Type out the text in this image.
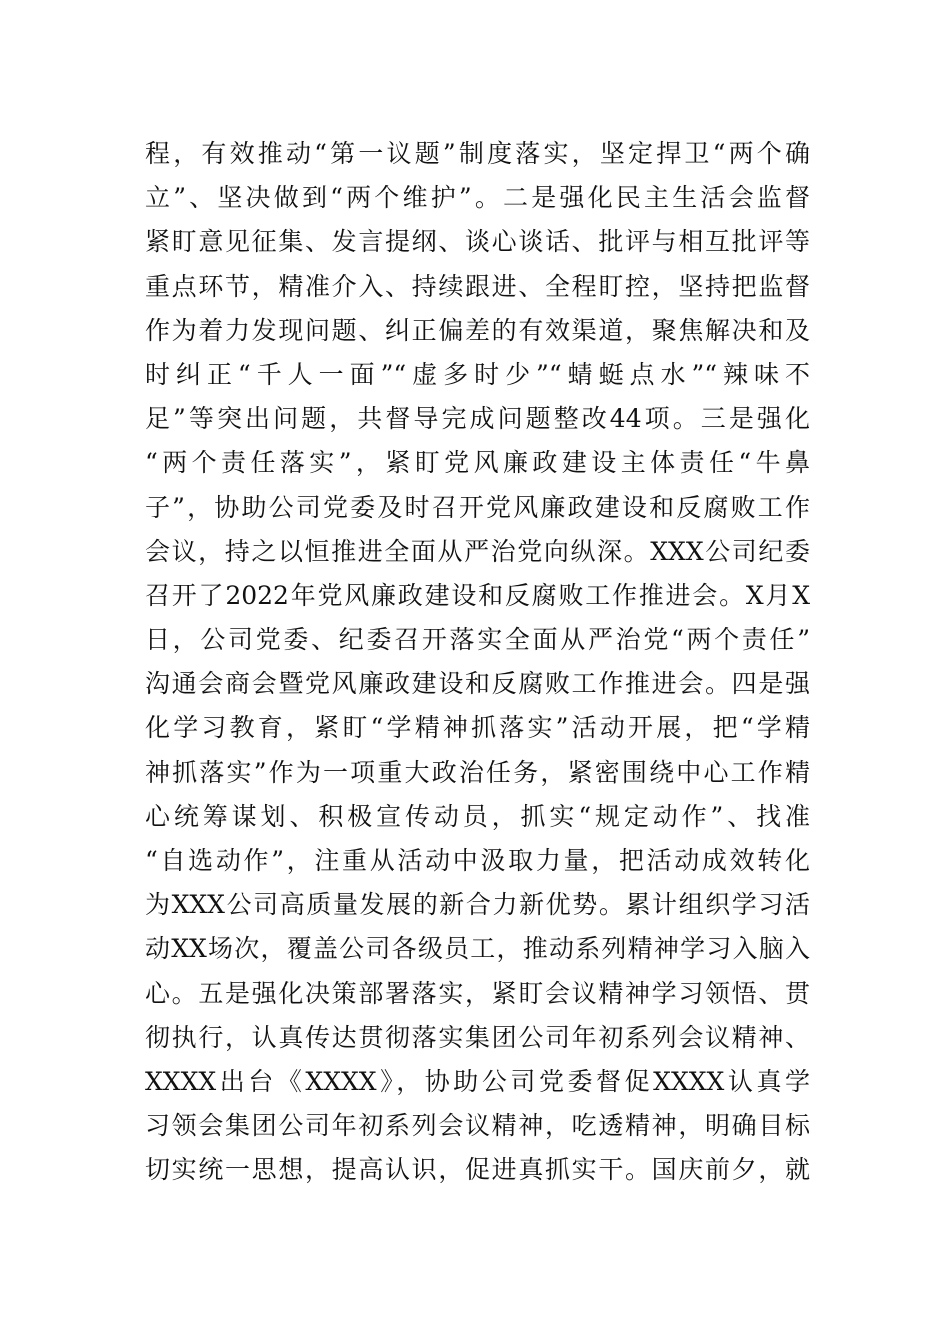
程，有效推动“第一议题”制度落实，坚定捍卫“两个确
立”、坚决做到“两个维护”。二是强化民主生活会监督
紧盯意见征集、发言提纲、谈心谈话、批评与相互批评等
重点环节，精准介入、持续跟进、全程盯控，坚持把监督
作为着力发现问题、纠正偏差的有效渠道，聚焦解决和及
时纠正“千人一面”“虚多时少”“蜻蜓点水”“辣味不
足”等突出问题，共督导完成问题整改44项。三是强化
“两个责任落实”，紧盯党风廉政建设主体责任“牛鼻
子”，协助公司党委及时召开党风廉政建设和反腐败工作
会议，持之以恒推进全面从严治党向纵深。XXX公司纪委
召开了2022年党风廉政建设和反腐败工作推进会。X月X
日，公司党委、纪委召开落实全面从严治党“两个责任”
沟通会商会暨党风廉政建设和反腐败工作推进会。四是强
化学习教育，紧盯“学精神抓落实”活动开展，把“学精
神抓落实”作为一项重大政治任务，紧密围绕中心工作精
心统筹谋划、积极宣传动员，抓实“规定动作”、找准
“自选动作”，注重从活动中汲取力量，把活动成效转化
为XXX公司高质量发展的新合力新优势。累计组织学习活
动XX场次，覆盖公司各级员工，推动系列精神学习入脑入
心。五是强化决策部署落实，紧盯会议精神学习领悟、贯
彻执行，认真传达贯彻落实集团公司年初系列会议精神、
XXXX出台《XXXX》，协助公司党委督促XXXX认真学
习领会集团公司年初系列会议精神，吃透精神，明确目标
切实统一思想，提高认识，促进真抓实干。国庆前夕，就
